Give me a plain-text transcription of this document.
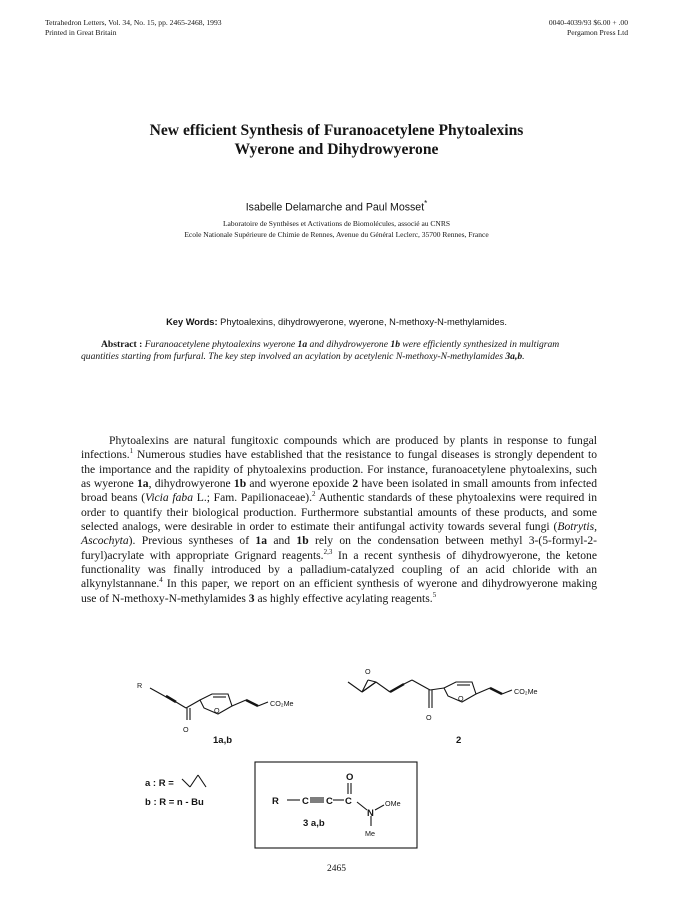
Tetrahedron Letters, Vol. 34, No. 15, pp. 2465-2468, 1993
Printed in Great Britain
0040-4039/93 $6.00 + .00
Pergamon Press Ltd
New efficient Synthesis of Furanoacetylene Phytoalexins
Wyerone and Dihydrowyerone
Isabelle Delamarche and Paul Mosset*
Laboratoire de Synthèses et Activations de Biomolécules, associé au CNRS
Ecole Nationale Supérieure de Chimie de Rennes, Avenue du Général Leclerc, 35700 Rennes, France
Key Words: Phytoalexins, dihydrowyerone, wyerone, N-methoxy-N-methylamides.
Abstract : Furanoacetylene phytoalexins wyerone 1a and dihydrowyerone 1b were efficiently synthesized in multigram quantities starting from furfural. The key step involved an acylation by acetylenic N-methoxy-N-methylamides 3a,b.
Phytoalexins are natural fungitoxic compounds which are produced by plants in response to fungal infections.$^1$ Numerous studies have established that the resistance to fungal diseases is strongly dependent to the importance and the rapidity of phytoalexins production. For instance, furanoacetylene phytoalexins, such as wyerone 1a, dihydrowyerone 1b and wyerone epoxide 2 have been isolated in small amounts from infected broad beans (Vicia faba L.; Fam. Papilionaceae).$^2$ Authentic standards of these phytoalexins were required in order to quantify their biological production. Furthermore substantial amounts of these products, and some selected analogs, were desirable in order to estimate their antifungal activity towards several fungi (Botrytis, Ascochyta). Previous syntheses of 1a and 1b rely on the condensation between methyl 3-(5-formyl-2-furyl)acrylate with appropriate Grignard reagents.$^{2,3}$ In a recent synthesis of dihydrowyerone, the ketone functionality was finally introduced by a palladium-catalyzed coupling of an acid chloride with an alkynylstannane.$^4$ In this paper, we report on an efficient synthesis of wyerone and dihydrowyerone making use of N-methoxy-N-methylamides 3 as highly effective acylating reagents.$^5$
R
O
O
CO₂Me
O
O
O
CO₂Me
1a,b	2
a : R =
b : R = n - Bu	R C C C
O
N
OMe
Me
3 a,b
2465
